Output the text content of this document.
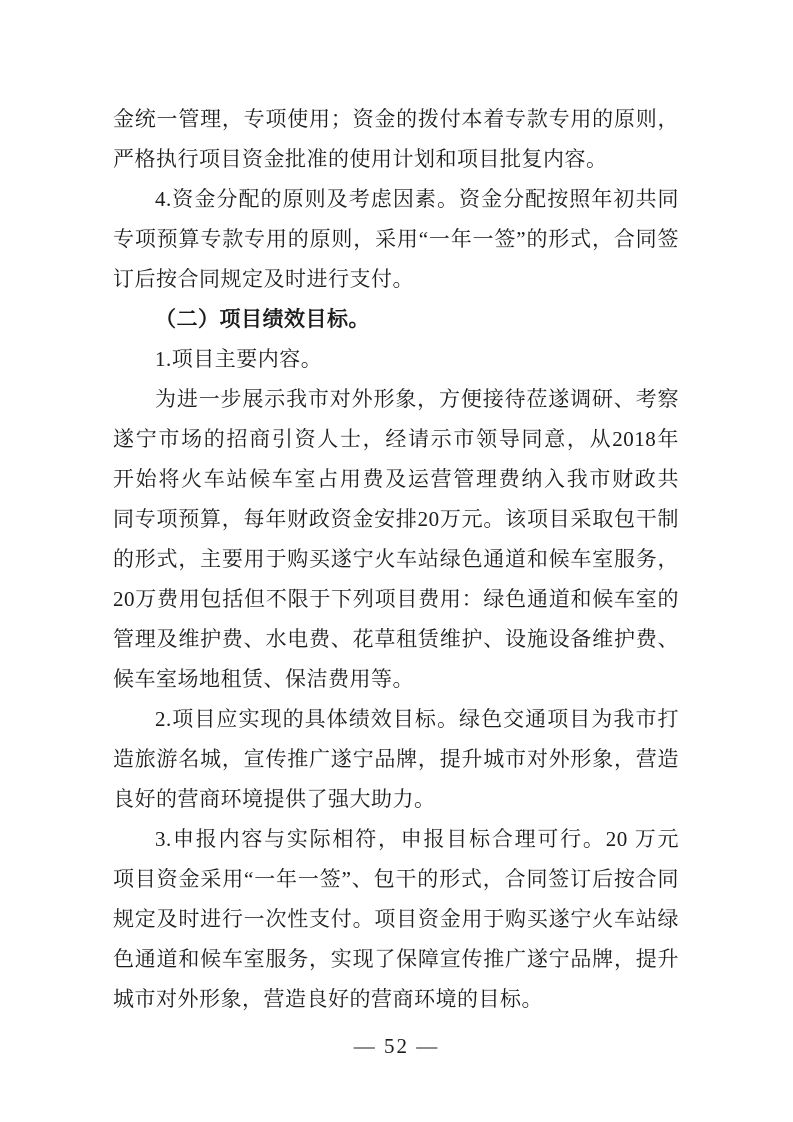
金统一管理，专项使用；资金的拨付本着专款专用的原则，
严格执行项目资金批准的使用计划和项目批复内容。
4.资金分配的原则及考虑因素。资金分配按照年初共同
专项预算专款专用的原则，采用“一年一签”的形式，合同签
订后按合同规定及时进行支付。
（二）项目绩效目标。
1.项目主要内容。
为进一步展示我市对外形象，方便接待莅遂调研、考察
遂宁市场的招商引资人士，经请示市领导同意，从2018年
开始将火车站候车室占用费及运营管理费纳入我市财政共
同专项预算，每年财政资金安排20万元。该项目采取包干制
的形式，主要用于购买遂宁火车站绿色通道和候车室服务，
20万费用包括但不限于下列项目费用：绿色通道和候车室的
管理及维护费、水电费、花草租赁维护、设施设备维护费、
候车室场地租赁、保洁费用等。
2.项目应实现的具体绩效目标。绿色交通项目为我市打
造旅游名城，宣传推广遂宁品牌，提升城市对外形象，营造
良好的营商环境提供了强大助力。
3.申报内容与实际相符，申报目标合理可行。20 万元
项目资金采用“一年一签”、包干的形式，合同签订后按合同
规定及时进行一次性支付。项目资金用于购买遂宁火车站绿
色通道和候车室服务，实现了保障宣传推广遂宁品牌，提升
城市对外形象，营造良好的营商环境的目标。
— 52 —
